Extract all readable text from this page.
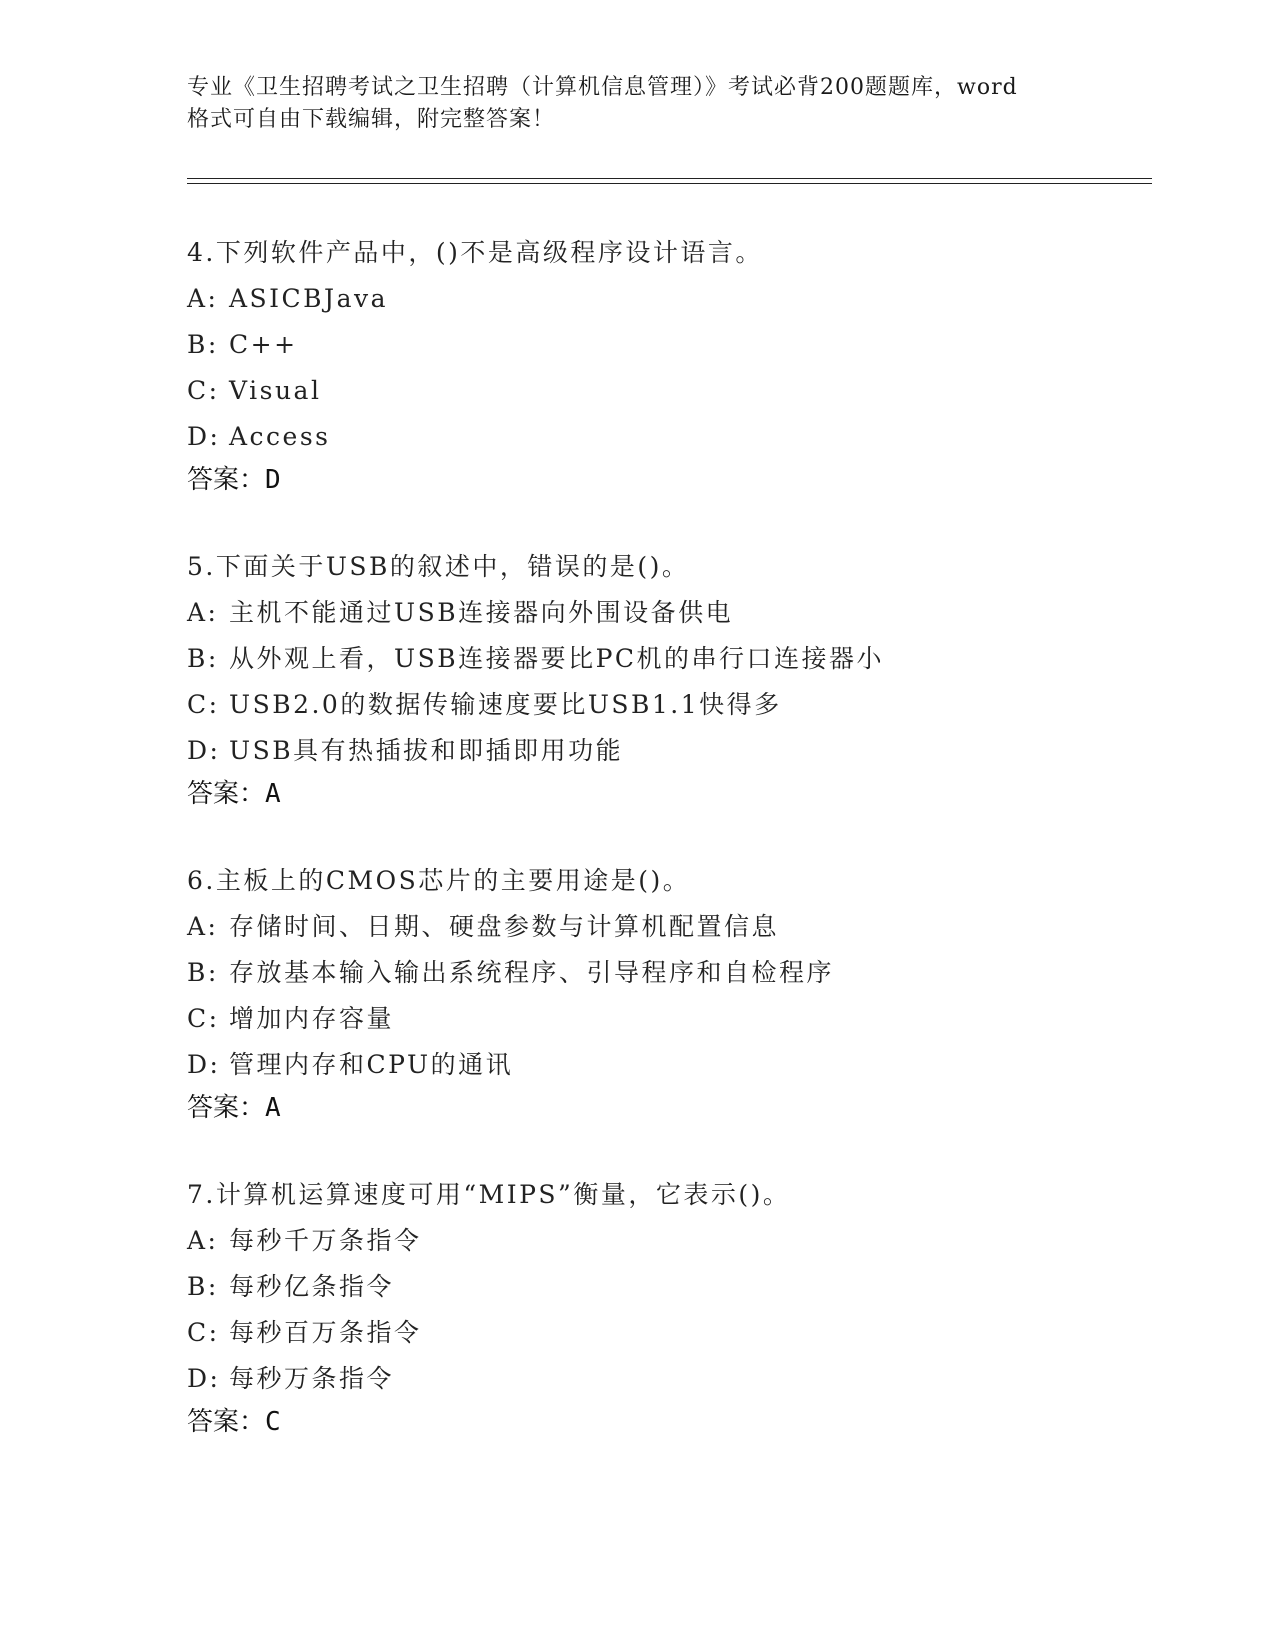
专业《卫生招聘考试之卫生招聘（计算机信息管理）》考试必背200题题库，word
格式可自由下载编辑，附完整答案！
4.下列软件产品中，()不是高级程序设计语言。
A: ASICBJava
B: C++
C: Visual
D: Access
答案：D
5.下面关于USB的叙述中，错误的是()。
A: 主机不能通过USB连接器向外围设备供电
B: 从外观上看，USB连接器要比PC机的串行口连接器小
C: USB2.0的数据传输速度要比USB1.1快得多
D: USB具有热插拔和即插即用功能
答案：A
6.主板上的CMOS芯片的主要用途是()。
A: 存储时间、日期、硬盘参数与计算机配置信息
B: 存放基本输入输出系统程序、引导程序和自检程序
C: 增加内存容量
D: 管理内存和CPU的通讯
答案：A
7.计算机运算速度可用“MIPS”衡量，它表示()。
A: 每秒千万条指令
B: 每秒亿条指令
C: 每秒百万条指令
D: 每秒万条指令
答案：C
